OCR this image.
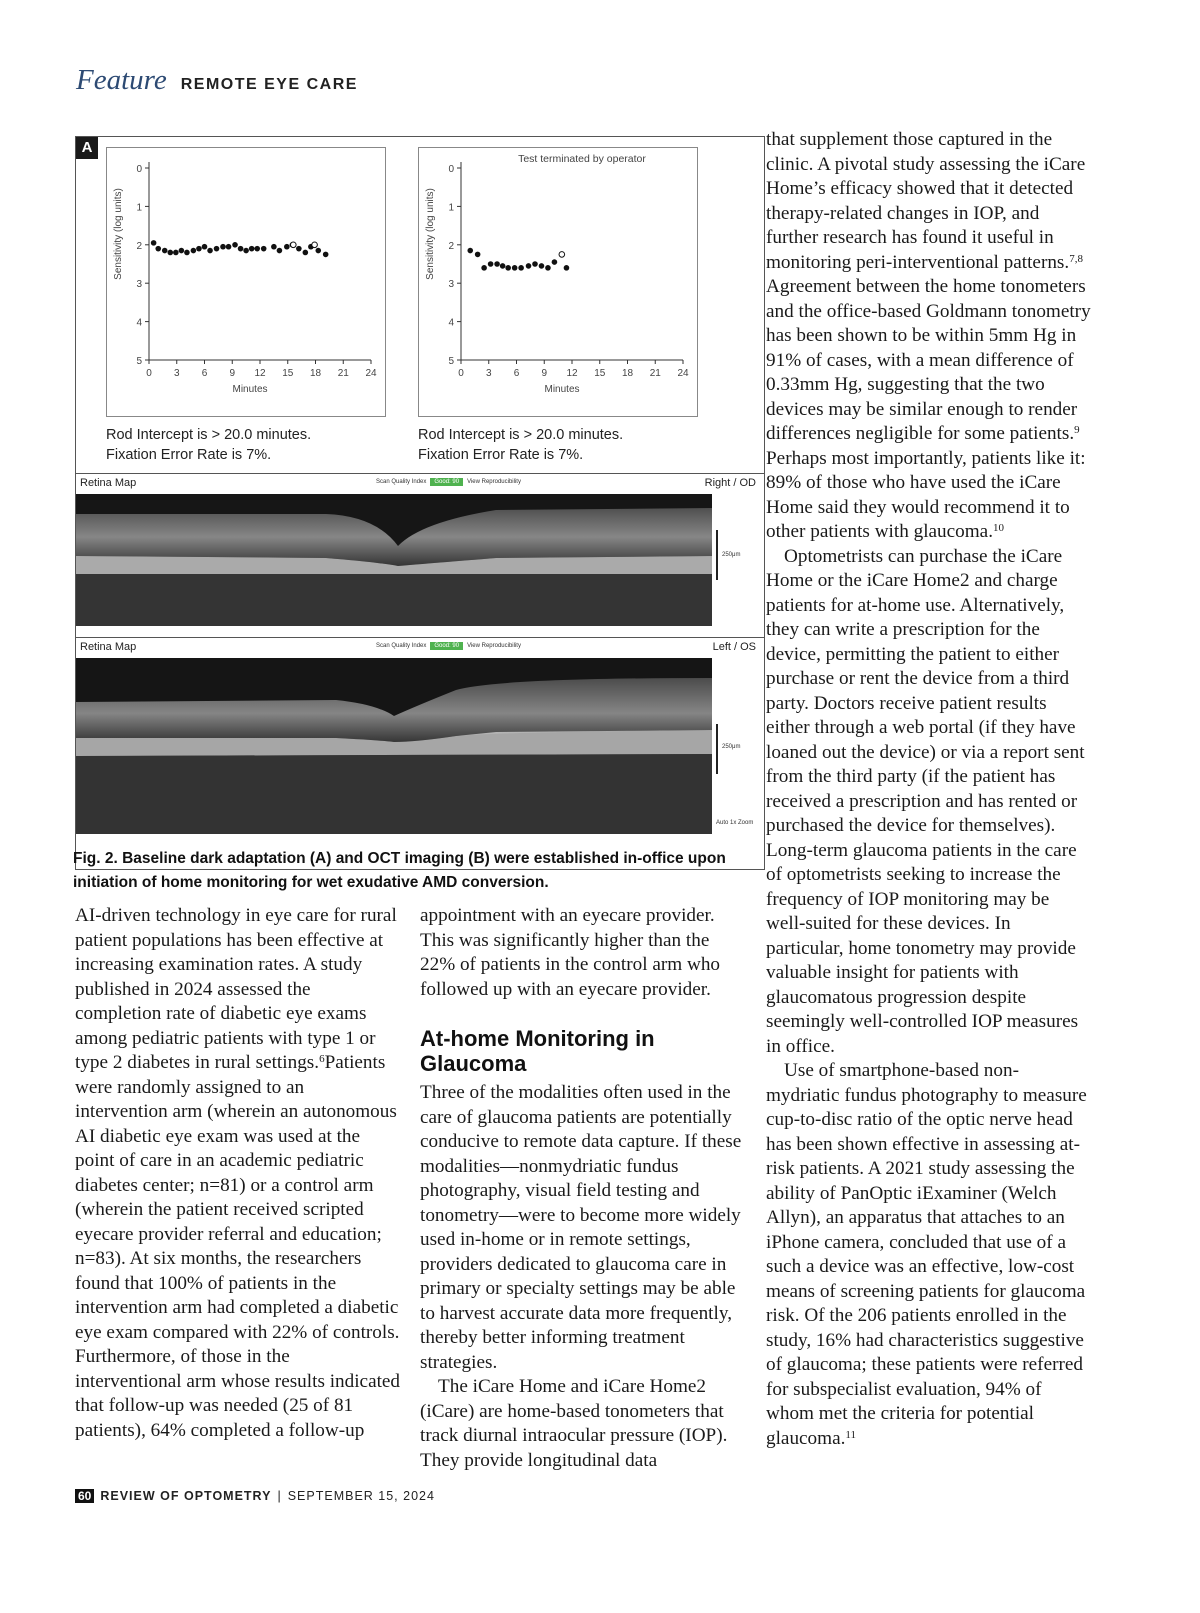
Feature REMOTE EYE CARE
A
0
1
2
3
4
5
0 3 6 9 12 15 18 21 24
Minutes
Sensitivity (log units)
0
1
2
3
4
5
0 3 6 9 12 15 18 21 24
Minutes
Sensitivity (log units)
Test terminated by operator
Rod Intercept is > 20.0 minutes.
Fixation Error Rate is 7%.
Rod Intercept is > 20.0 minutes.
Fixation Error Rate is 7%.
Retina Map	Scan Quality Index	Good: 90	View Reproducibility	Right / OD
250μm
Retina Map	Scan Quality Index	Good: 90	View Reproducibility	Left / OS
250μm
Auto 1x Zoom
Fig. 2. Baseline dark adaptation (A) and OCT imaging (B) were established in-office upon initiation of home monitoring for wet exudative AMD conversion.

AI-driven technology in eye care for rural patient populations has been effective at increasing examination rates. A study published in 2024 assessed the completion rate of diabetic eye exams among pediatric patients with type 1 or type 2 diabetes in rural settings.$^6$Patients were randomly assigned to an intervention arm (wherein an autonomous AI diabetic eye exam was used at the point of care in an academic pediatric diabetes center; n=81) or a control arm (wherein the patient received scripted eyecare provider referral and education; n=83). At six months, the researchers found that 100% of patients in the intervention arm had completed a diabetic eye exam compared with 22% of controls. Furthermore, of those in the interventional arm whose results indicated that follow-up was needed (25 of 81 patients), 64% completed a follow-up

appointment with an eyecare provider. This was significantly higher than the 22% of patients in the control arm who followed up with an eyecare provider.

At-home Monitoring in Glaucoma

Three of the modalities often used in the care of glaucoma patients are potentially conducive to remote data capture. If these modalities—nonmydriatic fundus photography, visual field testing and tonometry—were to become more widely used in-home or in remote settings, providers dedicated to glaucoma care in primary or specialty settings may be able to harvest accurate data more frequently, thereby better informing treatment strategies.

The iCare Home and iCare Home2 (iCare) are home-based tonometers that track diurnal intraocular pressure (IOP). They provide longitudinal data

that supplement those captured in the clinic. A pivotal study assessing the iCare Home’s efficacy showed that it detected therapy-related changes in IOP, and further research has found it useful in monitoring peri-interventional patterns.$^{7,8}$ Agreement between the home tonometers and the office-based Goldmann tonometry has been shown to be within 5mm Hg in 91% of cases, with a mean difference of 0.33mm Hg, suggesting that the two devices may be similar enough to render differences negligible for some patients.$^9$ Perhaps most importantly, patients like it: 89% of those who have used the iCare Home said they would recommend it to other patients with glaucoma.$^{10}$

Optometrists can purchase the iCare Home or the iCare Home2 and charge patients for at-home use. Alternatively, they can write a prescription for the device, permitting the patient to either purchase or rent the device from a third party. Doctors receive patient results either through a web portal (if they have loaned out the device) or via a report sent from the third party (if the patient has received a prescription and has rented or purchased the device for themselves). Long-term glaucoma patients in the care of optometrists seeking to increase the frequency of IOP monitoring may be well-suited for these devices. In particular, home tonometry may provide valuable insight for patients with glaucomatous progression despite seemingly well-controlled IOP measures in office.

Use of smartphone-based non-mydriatic fundus photography to measure cup-to-disc ratio of the optic nerve head has been shown effective in assessing at-risk patients. A 2021 study assessing the ability of PanOptic iExaminer (Welch Allyn), an apparatus that attaches to an iPhone camera, concluded that use of a such a device was an effective, low-cost means of screening patients for glaucoma risk. Of the 206 patients enrolled in the study, 16% had characteristics suggestive of glaucoma; these patients were referred for subspecialist evaluation, 94% of whom met the criteria for potential glaucoma.$^{11}$

60 REVIEW OF OPTOMETRY | SEPTEMBER 15, 2024
